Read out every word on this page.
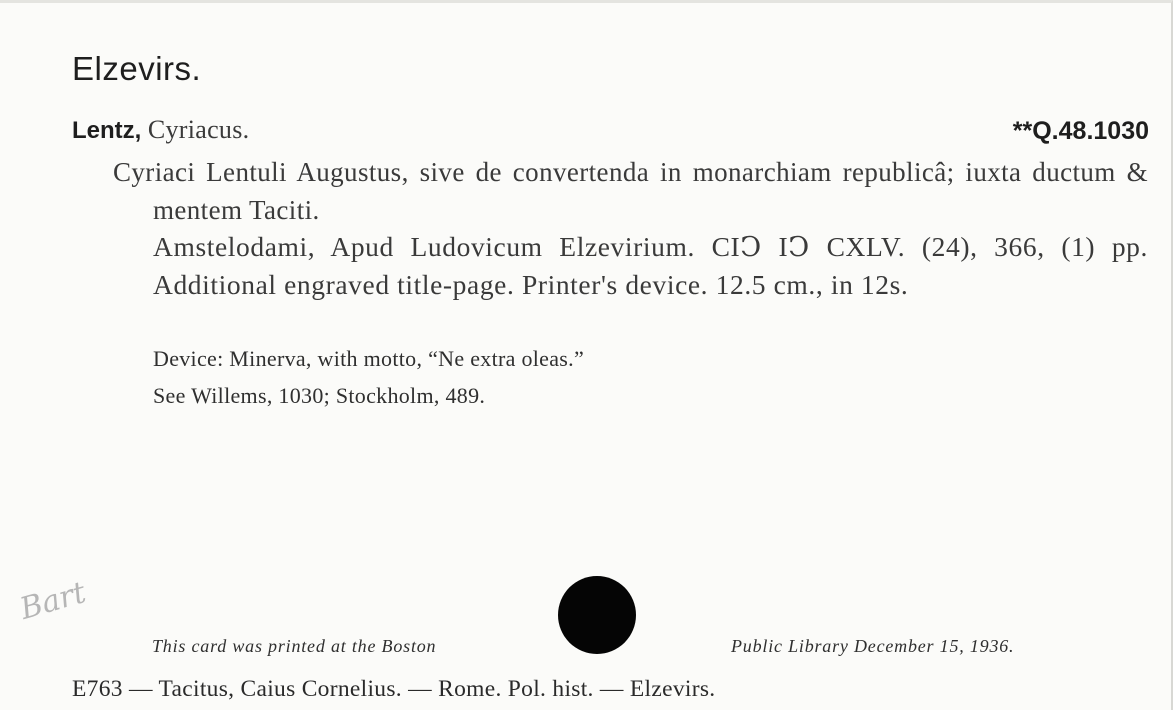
Elzevirs.
Lentz, Cyriacus.	**Q.48.1030
Cyriaci Lentuli Augustus, sive de convertenda in monarchiam republicâ; iuxta ductum & mentem Taciti.
Amstelodami, Apud Ludovicum Elzevirium. CIↃ IↃ CXLV. (24), 366, (1) pp. Additional engraved title-page. Printer's device. 12.5 cm., in 12s.
Device: Minerva, with motto, “Ne extra oleas.”
See Willems, 1030; Stockholm, 489.
Bart
This card was printed at the Boston	Public Library December 15, 1936.
E763 — Tacitus, Caius Cornelius. — Rome. Pol. hist. — Elzevirs.
